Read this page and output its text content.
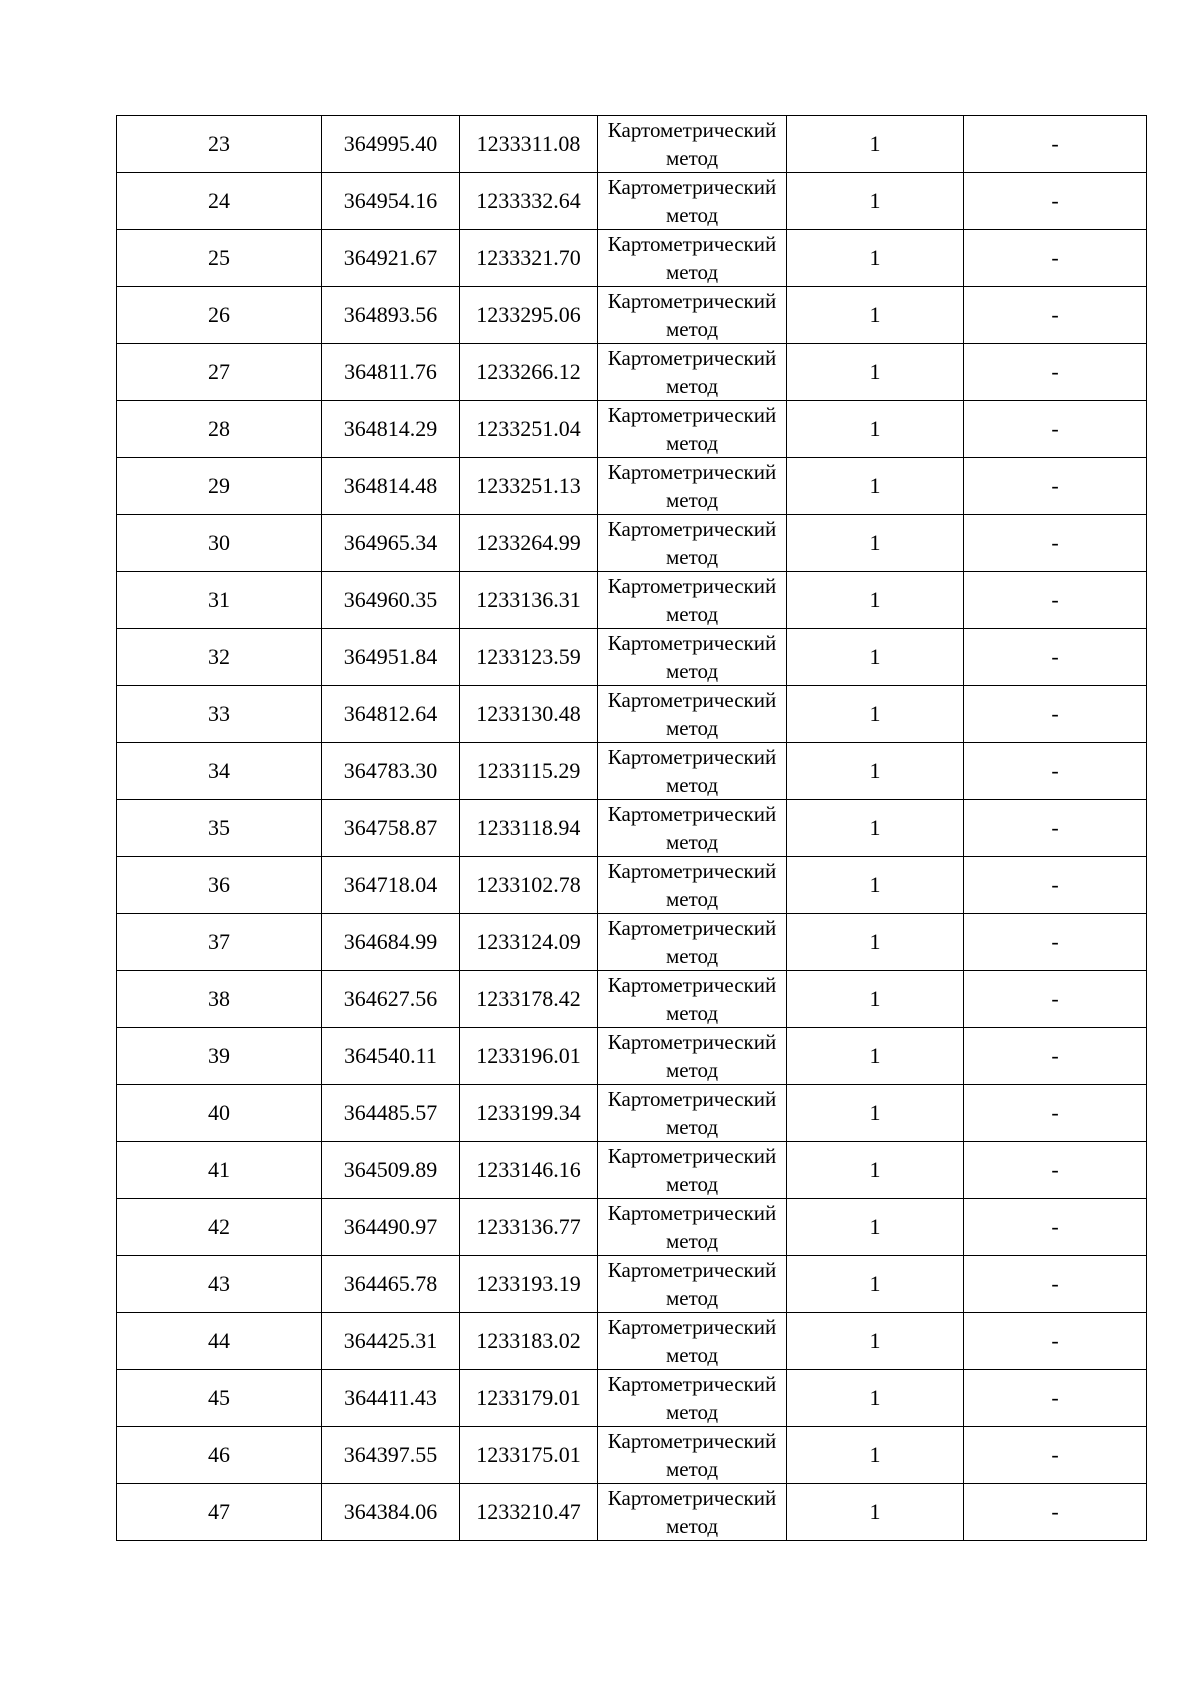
23	364995.40	1233311.08	Картометрический метод	1	-
24	364954.16	1233332.64	Картометрический метод	1	-
25	364921.67	1233321.70	Картометрический метод	1	-
26	364893.56	1233295.06	Картометрический метод	1	-
27	364811.76	1233266.12	Картометрический метод	1	-
28	364814.29	1233251.04	Картометрический метод	1	-
29	364814.48	1233251.13	Картометрический метод	1	-
30	364965.34	1233264.99	Картометрический метод	1	-
31	364960.35	1233136.31	Картометрический метод	1	-
32	364951.84	1233123.59	Картометрический метод	1	-
33	364812.64	1233130.48	Картометрический метод	1	-
34	364783.30	1233115.29	Картометрический метод	1	-
35	364758.87	1233118.94	Картометрический метод	1	-
36	364718.04	1233102.78	Картометрический метод	1	-
37	364684.99	1233124.09	Картометрический метод	1	-
38	364627.56	1233178.42	Картометрический метод	1	-
39	364540.11	1233196.01	Картометрический метод	1	-
40	364485.57	1233199.34	Картометрический метод	1	-
41	364509.89	1233146.16	Картометрический метод	1	-
42	364490.97	1233136.77	Картометрический метод	1	-
43	364465.78	1233193.19	Картометрический метод	1	-
44	364425.31	1233183.02	Картометрический метод	1	-
45	364411.43	1233179.01	Картометрический метод	1	-
46	364397.55	1233175.01	Картометрический метод	1	-
47	364384.06	1233210.47	Картометрический метод	1	-
